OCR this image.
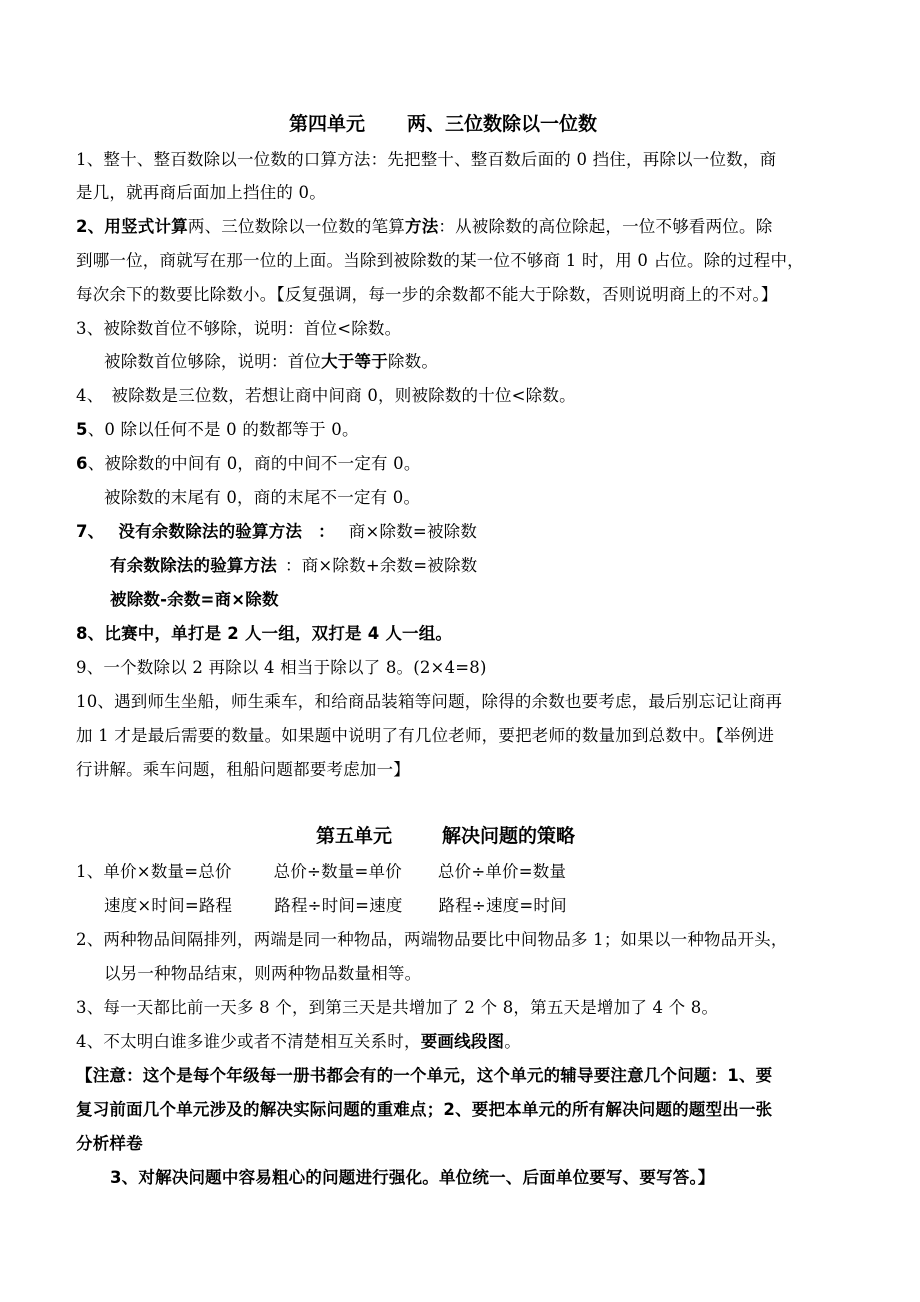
第四单元 两、三位数除以一位数
1、整十、整百数除以一位数的口算方法：先把整十、整百数后面的 0 挡住，再除以一位数，商
是几，就再商后面加上挡住的 0。
2、用竖式计算两、三位数除以一位数的笔算方法：从被除数的高位除起，一位不够看两位。除
到哪一位，商就写在那一位的上面。当除到被除数的某一位不够商 1 时，用 0 占位。除的过程中，
每次余下的数要比除数小。【反复强调，每一步的余数都不能大于除数，否则说明商上的不对。】
3、被除数首位不够除，说明：首位<除数。
被除数首位够除，说明：首位大于等于除数。
4、 被除数是三位数，若想让商中间商 0，则被除数的十位<除数。
5、0 除以任何不是 0 的数都等于 0。
6、被除数的中间有 0，商的中间不一定有 0。
被除数的末尾有 0，商的末尾不一定有 0。
7、 没有余数除法的验算方法 ： 商×除数=被除数
有余数除法的验算方法 ：商×除数+余数=被除数
被除数-余数=商×除数
8、比赛中，单打是 2 人一组，双打是 4 人一组。
9、一个数除以 2 再除以 4 相当于除以了 8。(2×4=8)
10、遇到师生坐船，师生乘车，和给商品装箱等问题，除得的余数也要考虑，最后别忘记让商再
加 1 才是最后需要的数量。如果题中说明了有几位老师，要把老师的数量加到总数中。【举例进
行讲解。乘车问题，租船问题都要考虑加一】
第五单元	解决问题的策略
1、单价×数量=总价	总价÷数量=单价 总价÷单价=数量
速度×时间=路程	路程÷时间=速度 路程÷速度=时间
2、两种物品间隔排列，两端是同一种物品，两端物品要比中间物品多 1；如果以一种物品开头，
以另一种物品结束，则两种物品数量相等。
3、每一天都比前一天多 8 个，到第三天是共增加了 2 个 8，第五天是增加了 4 个 8。
4、不太明白谁多谁少或者不清楚相互关系时，要画线段图。
【注意：这个是每个年级每一册书都会有的一个单元，这个单元的辅导要注意几个问题：1、要
复习前面几个单元涉及的解决实际问题的重难点；2、要把本单元的所有解决问题的题型出一张
分析样卷
3、对解决问题中容易粗心的问题进行强化。单位统一、后面单位要写、要写答。】
